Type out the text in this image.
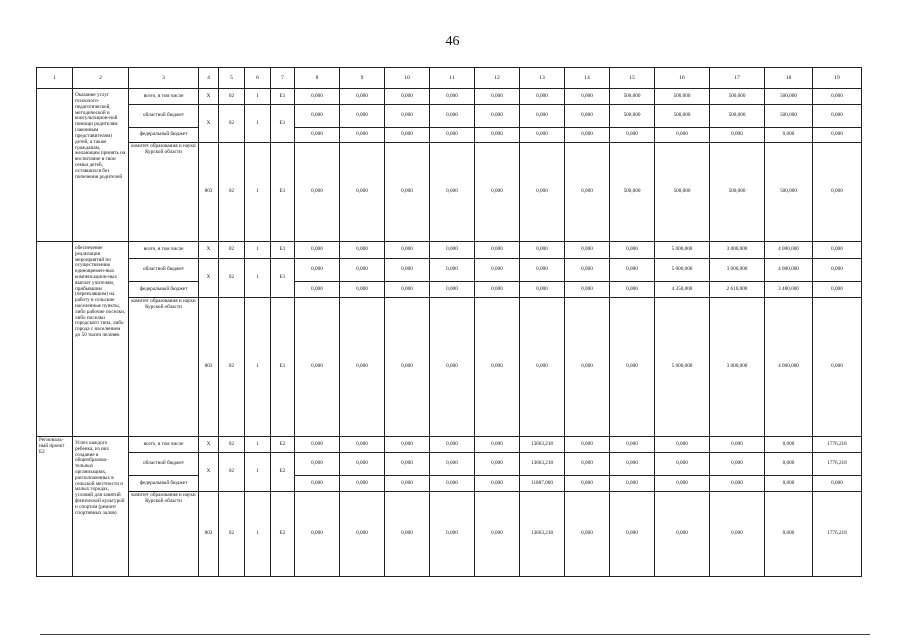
46
1	2	3	4	5	6	7	8	9	10	11	12	13	14	15	16	17	18	19
	Оказание услуг психолого-педагогической, методической и консультацион-ной помощи родителям (законным представителям) детей, а также гражданам, желающим принять на воспитание в свои семьи детей, оставшихся без попечения родителей	всего, в том числе	X	02	1	E1	0,000	0,000	0,000	0,000	0,000	0,000	0,000	500,000	500,000	500,000	500,000	0,000
		областной бюджет	X	02	1	E1	0,000	0,000	0,000	0,000	0,000	0,000	0,000	500,000	500,000	500,000	500,000	0,000
		федеральный бюджет					0,000	0,000	0,000	0,000	0,000	0,000	0,000	0,000	0,000	0,000	0,000	0,000
		комитет образования и науки Курской области	803	02	1	E1	0,000	0,000	0,000	0,000	0,000	0,000	0,000	500,000	500,000	500,000	500,000	0,000
	обеспечение реализации мероприятий по осуществлению единовремен-ных компенсацион-ных выплат учителям, прибывшим (переехавшим) на работу в сельские населенные пункты, либо рабочие поселки, либо поселки городского типа, либо города с населением до 50 тысяч человек	всего, в том числе	X	02	1	E1	0,000	0,000	0,000	0,000	0,000	0,000	0,000	0,000	5 000,000	3 000,000	4 000,000	0,000
		областной бюджет	X	02	1	E1	0,000	0,000	0,000	0,000	0,000	0,000	0,000	0,000	5 000,000	3 000,000	4 000,000	0,000
		федеральный бюджет					0,000	0,000	0,000	0,000	0,000	0,000	0,000	0,000	4 350,000	2 610,000	3 480,000	0,000
		комитет образования и науки Курской области	803	02	1	E1	0,000	0,000	0,000	0,000	0,000	0,000	0,000	0,000	5 000,000	3 000,000	4 000,000	0,000
Региональ-ный проект E2	Успех каждого ребенка, из них создание в общеобразова-тельных организациях, расположенных в сельской местности и малых городах, условий для занятий физической культурой и спортом (ремонт спортивных залов)	всего, в том числе	X	02	1	E2	0,000	0,000	0,000	0,000	0,000	13663,218	0,000	0,000	0,000	0,000	0,000	1776,218
		областной бюджет	X	02	1	E2	0,000	0,000	0,000	0,000	0,000	13663,218	0,000	0,000	0,000	0,000	0,000	1776,218
		федеральный бюджет					0,000	0,000	0,000	0,000	0,000	11887,000	0,000	0,000	0,000	0,000	0,000	0,000
		комитет образования и науки Курской области	803	02	1	E2	0,000	0,000	0,000	0,000	0,000	13663,218	0,000	0,000	0,000	0,000	0,000	1776,218
